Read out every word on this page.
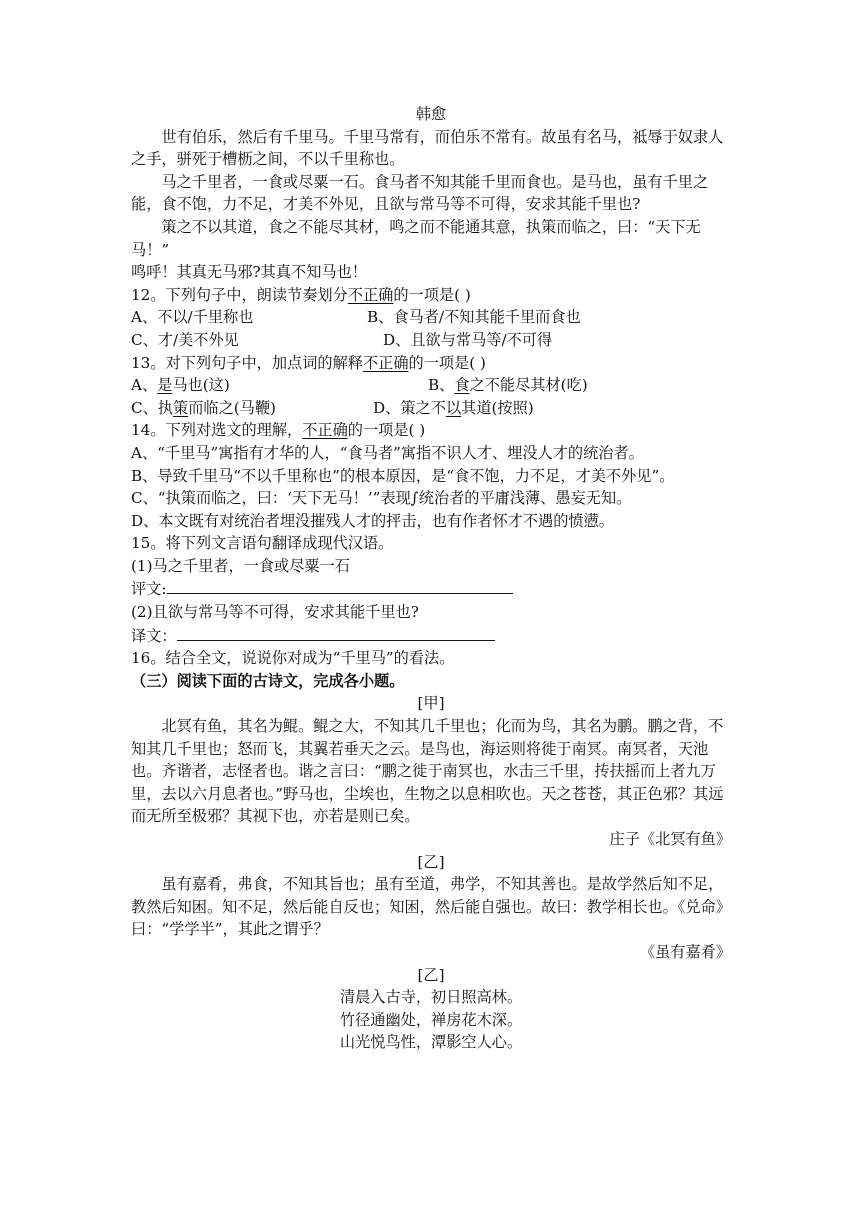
韩愈
世有伯乐，然后有千里马。千里马常有，而伯乐不常有。故虽有名马，祗辱于奴隶人之手，骈死于槽枥之间，不以千里称也。
马之千里者，一食或尽粟一石。食马者不知其能千里而食也。是马也，虽有千里之能，食不饱，力不足，才美不外见，且欲与常马等不可得，安求其能千里也?
策之不以其道，食之不能尽其材，鸣之而不能通其意，执策而临之，曰：“天下无马！”
鸣呼！其真无马邪?其真不知马也！
12。下列句子中，朗读节奏划分不正确的一项是( )
A、不以/千里称也	B、食马者/不知其能千里而食也
C、才/美不外见	D、且欲与常马等/不可得
13。对下列句子中，加点词的解释不正确的一项是( )
A、是马也(这)	B、食之不能尽其材(吃)
C、执策而临之(马鞭)	D、策之不以其道(按照)
14。下列对选文的理解，不正确的一项是( )
A、“千里马”寓指有才华的人，“食马者”寓指不识人才、埋没人才的统治者。
B、导致千里马“不以千里称也”的根本原因，是“食不饱，力不足，才美不外见”。
C、“执策而临之，曰：‘天下无马！’”表现∫统治者的平庸浅薄、愚妄无知。
D、本文既有对统治者埋没摧残人才的抨击，也有作者怀才不遇的愤懑。
15。将下列文言语句翻译成现代汉语。
(1)马之千里者，一食或尽粟一石
评文:
(2)且欲与常马等不可得，安求其能千里也?
译文：
16。结合全文，说说你对成为“千里马”的看法。
（三）阅读下面的古诗文，完成各小题。
[甲]
北冥有鱼，其名为鲲。鲲之大，不知其几千里也；化而为鸟，其名为鹏。鹏之背，不知其几千里也；怒而飞，其翼若垂天之云。是鸟也，海运则将徙于南冥。南冥者，天池也。齐谐者，志怪者也。谐之言曰：“鹏之徙于南冥也，水击三千里，抟扶摇而上者九万里，去以六月息者也。”野马也，尘埃也，生物之以息相吹也。天之苍苍，其正色邪？其远而无所至极邪？其视下也，亦若是则已矣。
庄子《北冥有鱼》
[乙]
虽有嘉肴，弗食，不知其旨也；虽有至道，弗学，不知其善也。是故学然后知不足，教然后知困。知不足，然后能自反也；知困，然后能自强也。故曰：教学相长也。《兑命》曰：“学学半”，其此之谓乎？
《虽有嘉肴》
[乙]
清晨入古寺，初日照高林。
竹径通幽处，禅房花木深。
山光悦鸟性，潭影空人心。
